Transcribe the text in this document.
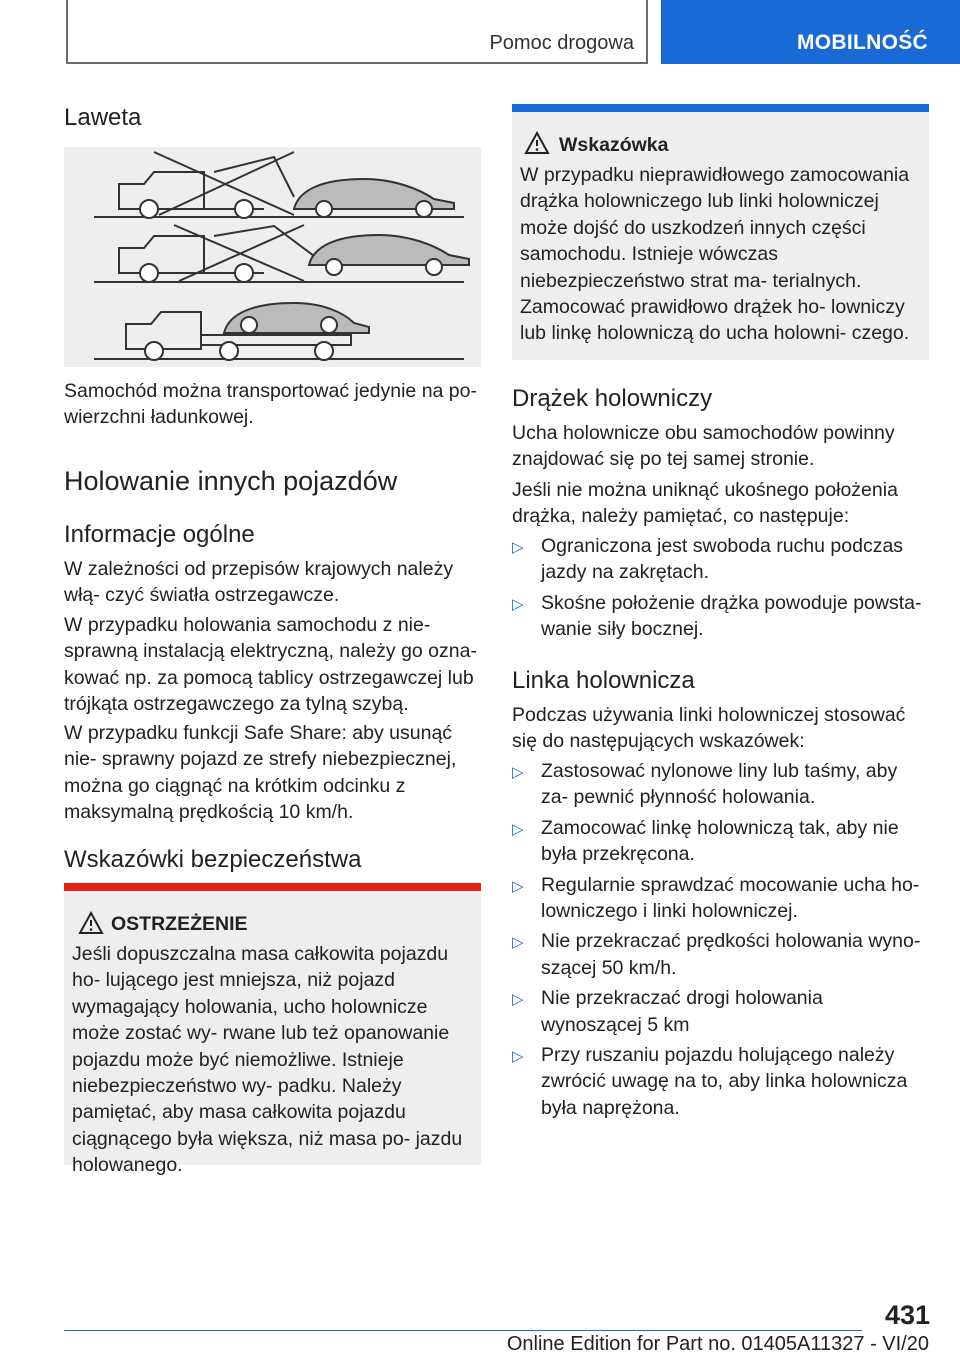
Pomoc drogowa	MOBILNOŚĆ
Laweta

Samochód można transportować jedynie na po- wierzchni ładunkowej.

Holowanie innych pojazdów
Informacje ogólne

W zależności od przepisów krajowych należy włą- czyć światła ostrzegawcze.

W przypadku holowania samochodu z nie- sprawną instalacją elektryczną, należy go ozna- kować np. za pomocą tablicy ostrzegawczej lub trójkąta ostrzegawczego za tylną szybą.

W przypadku funkcji Safe Share: aby usunąć nie- sprawny pojazd ze strefy niebezpiecznej, można go ciągnąć na krótkim odcinku z maksymalną prędkością 10 km/h.

Wskazówki bezpieczeństwa
OSTRZEŻENIE

Jeśli dopuszczalna masa całkowita pojazdu ho- lującego jest mniejsza, niż pojazd wymagający holowania, ucho holownicze może zostać wy- rwane lub też opanowanie pojazdu może być niemożliwe. Istnieje niebezpieczeństwo wy- padku. Należy pamiętać, aby masa całkowita pojazdu ciągnącego była większa, niż masa po- jazdu holowanego.

Wskazówka

W przypadku nieprawidłowego zamocowania drążka holowniczego lub linki holowniczej może dojść do uszkodzeń innych części samochodu. Istnieje wówczas niebezpieczeństwo strat ma- terialnych. Zamocować prawidłowo drążek ho- lowniczy lub linkę holowniczą do ucha holowni- czego.

Drążek holowniczy

Ucha holownicze obu samochodów powinny znajdować się po tej samej stronie.

Jeśli nie można uniknąć ukośnego położenia drążka, należy pamiętać, co następuje:

▷ Ograniczona jest swoboda ruchu podczas jazdy na zakrętach.
▷ Skośne położenie drążka powoduje powsta- wanie siły bocznej.
Linka holownicza

Podczas używania linki holowniczej stosować się do następujących wskazówek:

▷ Zastosować nylonowe liny lub taśmy, aby za- pewnić płynność holowania.
▷ Zamocować linkę holowniczą tak, aby nie była przekręcona.
▷ Regularnie sprawdzać mocowanie ucha ho- lowniczego i linki holowniczej.
▷ Nie przekraczać prędkości holowania wyno- szącej 50 km/h.
▷ Nie przekraczać drogi holowania wynoszącej 5 km
▷ Przy ruszaniu pojazdu holującego należy zwrócić uwagę na to, aby linka holownicza była naprężona.
431
Online Edition for Part no. 01405A11327 - VI/20
